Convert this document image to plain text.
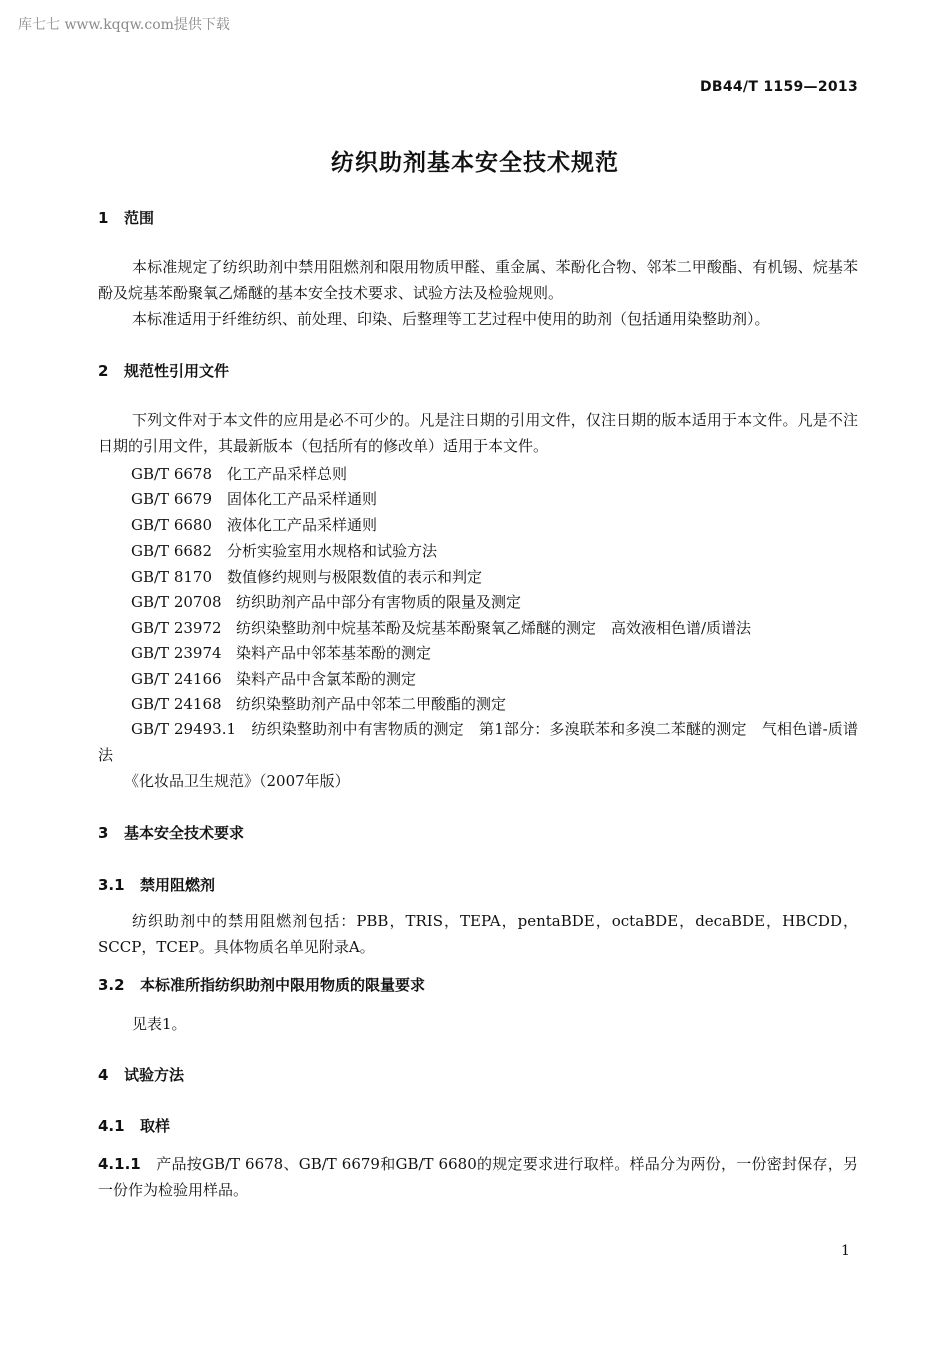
库七七 www.kqqw.com提供下载
DB44/T 1159—2013
纺织助剂基本安全技术规范
1 范围
本标准规定了纺织助剂中禁用阻燃剂和限用物质甲醛、重金属、苯酚化合物、邻苯二甲酸酯、有机锡、烷基苯酚及烷基苯酚聚氧乙烯醚的基本安全技术要求、试验方法及检验规则。
本标准适用于纤维纺织、前处理、印染、后整理等工艺过程中使用的助剂（包括通用染整助剂）。
2 规范性引用文件
下列文件对于本文件的应用是必不可少的。凡是注日期的引用文件，仅注日期的版本适用于本文件。凡是不注日期的引用文件，其最新版本（包括所有的修改单）适用于本文件。
GB/T 6678 化工产品采样总则
GB/T 6679 固体化工产品采样通则
GB/T 6680 液体化工产品采样通则
GB/T 6682 分析实验室用水规格和试验方法
GB/T 8170 数值修约规则与极限数值的表示和判定
GB/T 20708 纺织助剂产品中部分有害物质的限量及测定
GB/T 23972 纺织染整助剂中烷基苯酚及烷基苯酚聚氧乙烯醚的测定　高效液相色谱/质谱法
GB/T 23974 染料产品中邻苯基苯酚的测定
GB/T 24166 染料产品中含氯苯酚的测定
GB/T 24168 纺织染整助剂产品中邻苯二甲酸酯的测定
GB/T 29493.1　 纺织染整助剂中有害物质的测定　第1部分：多溴联苯和多溴二苯醚的测定　气相色谱-质谱法
《化妆品卫生规范》（2007年版）
3 基本安全技术要求
3.1 禁用阻燃剂
纺织助剂中的禁用阻燃剂包括：PBB，TRIS，TEPA，pentaBDE，octaBDE，decaBDE，HBCDD，SCCP，TCEP。具体物质名单见附录A。
3.2 本标准所指纺织助剂中限用物质的限量要求
见表1。
4 试验方法
4.1 取样
4.1.1　 产品按GB/T 6678、GB/T 6679和GB/T 6680的规定要求进行取样。样品分为两份，一份密封保存，另一份作为检验用样品。
1
